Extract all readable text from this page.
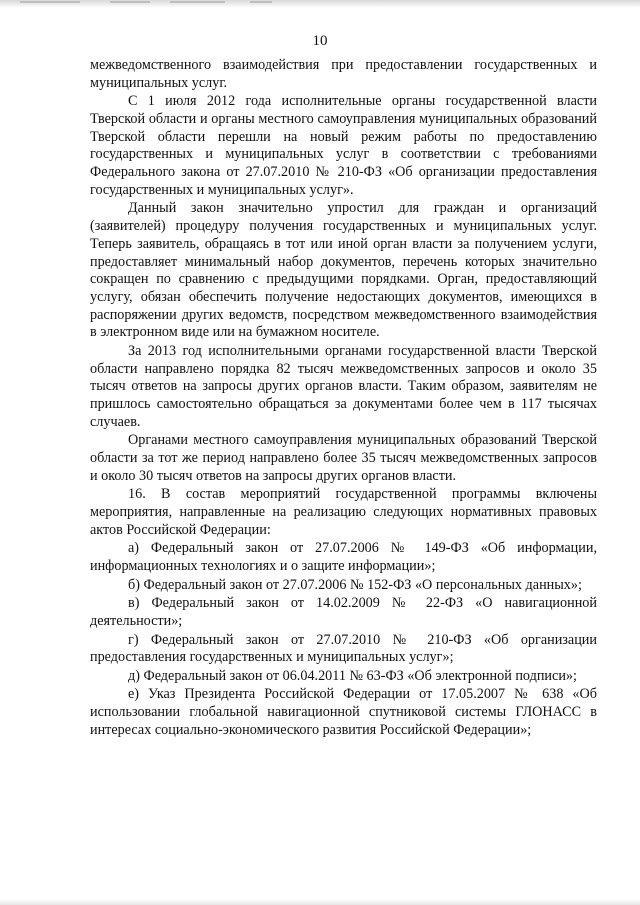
10

межведомственного взаимодействия при предоставлении государственных и муниципальных услуг.

С 1 июля 2012 года исполнительные органы государственной власти Тверской области и органы местного самоуправления муниципальных образований Тверской области перешли на новый режим работы по предоставлению государственных и муниципальных услуг в соответствии с требованиями Федерального закона от 27.07.2010 № 210-ФЗ «Об организации предоставления государственных и муниципальных услуг».

Данный закон значительно упростил для граждан и организаций (заявителей) процедуру получения государственных и муниципальных услуг. Теперь заявитель, обращаясь в тот или иной орган власти за получением услуги, предоставляет минимальный набор документов, перечень которых значительно сокращен по сравнению с предыдущими порядками. Орган, предоставляющий услугу, обязан обеспечить получение недостающих документов, имеющихся в распоряжении других ведомств, посредством межведомственного взаимодействия в электронном виде или на бумажном носителе.

За 2013 год исполнительными органами государственной власти Тверской области направлено порядка 82 тысяч межведомственных запросов и около 35 тысяч ответов на запросы других органов власти. Таким образом, заявителям не пришлось самостоятельно обращаться за документами более чем в 117 тысячах случаев.

Органами местного самоуправления муниципальных образований Тверской области за тот же период направлено более 35 тысяч межведомственных запросов и около 30 тысяч ответов на запросы других органов власти.

16. В состав мероприятий государственной программы включены мероприятия, направленные на реализацию следующих нормативных правовых актов Российской Федерации:

а) Федеральный закон от 27.07.2006 № 149-ФЗ «Об информации, информационных технологиях и о защите информации»;

б) Федеральный закон от 27.07.2006 № 152-ФЗ «О персональных данных»;

в) Федеральный закон от 14.02.2009 № 22-ФЗ «О навигационной деятельности»;

г) Федеральный закон от 27.07.2010 № 210-ФЗ «Об организации предоставления государственных и муниципальных услуг»;

д) Федеральный закон от 06.04.2011 № 63-ФЗ «Об электронной подписи»;

е) Указ Президента Российской Федерации от 17.05.2007 № 638 «Об использовании глобальной навигационной спутниковой системы ГЛОНАСС в интересах социально-экономического развития Российской Федерации»;
